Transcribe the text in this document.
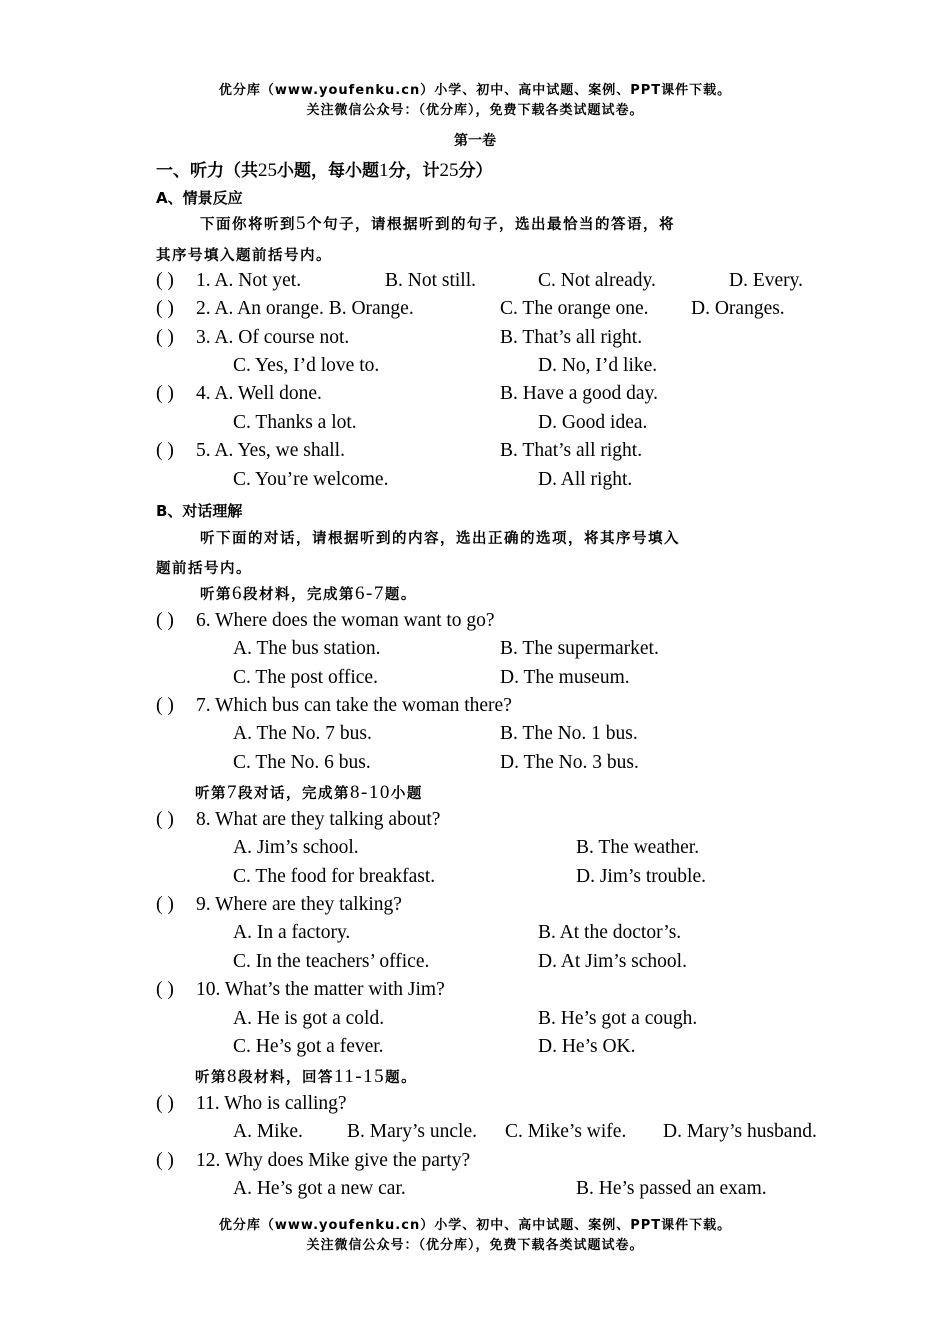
优分库（www.youfenku.cn）小学、初中、高中试题、案例、PPT课件下载。
关注微信公众号：（优分库），免费下载各类试题试卷。
第一卷
一、听力（共25小题，每小题1分，计25分）
A、情景反应
下面你将听到5个句子，请根据听到的句子，选出最恰当的答语，将
其序号填入题前括号内。
( ) 1. A. Not yet.	B. Not still.	C. Not already.	D. Every.
( ) 2. A. An orange. B. Orange.	C. The orange one. D. Oranges.
( ) 3. A. Of course not.	B. That’s all right.
C. Yes, I’d love to.	D. No, I’d like.
( ) 4. A. Well done.	B. Have a good day.
C. Thanks a lot.	D. Good idea.
( ) 5. A. Yes, we shall.	B. That’s all right.
C. You’re welcome.	D. All right.
B、对话理解
听下面的对话，请根据听到的内容，选出正确的选项，将其序号填入
题前括号内。
听第6段材料，完成第6-7题。
( ) 6. Where does the woman want to go?
A. The bus station.	B. The supermarket.
C. The post office.	D. The museum.
( ) 7. Which bus can take the woman there?
A. The No. 7 bus.	B. The No. 1 bus.
C. The No. 6 bus.	D. The No. 3 bus.
听第7段对话，完成第8-10小题
( ) 8. What are they talking about?
A. Jim’s school.	B. The weather.
C. The food for breakfast.	D. Jim’s trouble.
( ) 9. Where are they talking?
A. In a factory.	B. At the doctor’s.
C. In the teachers’ office.	D. At Jim’s school.
( ) 10. What’s the matter with Jim?
A. He is got a cold.	B. He’s got a cough.
C. He’s got a fever.	D. He’s OK.
听第8段材料，回答11-15题。
( ) 11. Who is calling?
A. Mike. B. Mary’s uncle. C. Mike’s wife. D. Mary’s husband.
( ) 12. Why does Mike give the party?
A. He’s got a new car.	B. He’s passed an exam.
优分库（www.youfenku.cn）小学、初中、高中试题、案例、PPT课件下载。
关注微信公众号：（优分库），免费下载各类试题试卷。
